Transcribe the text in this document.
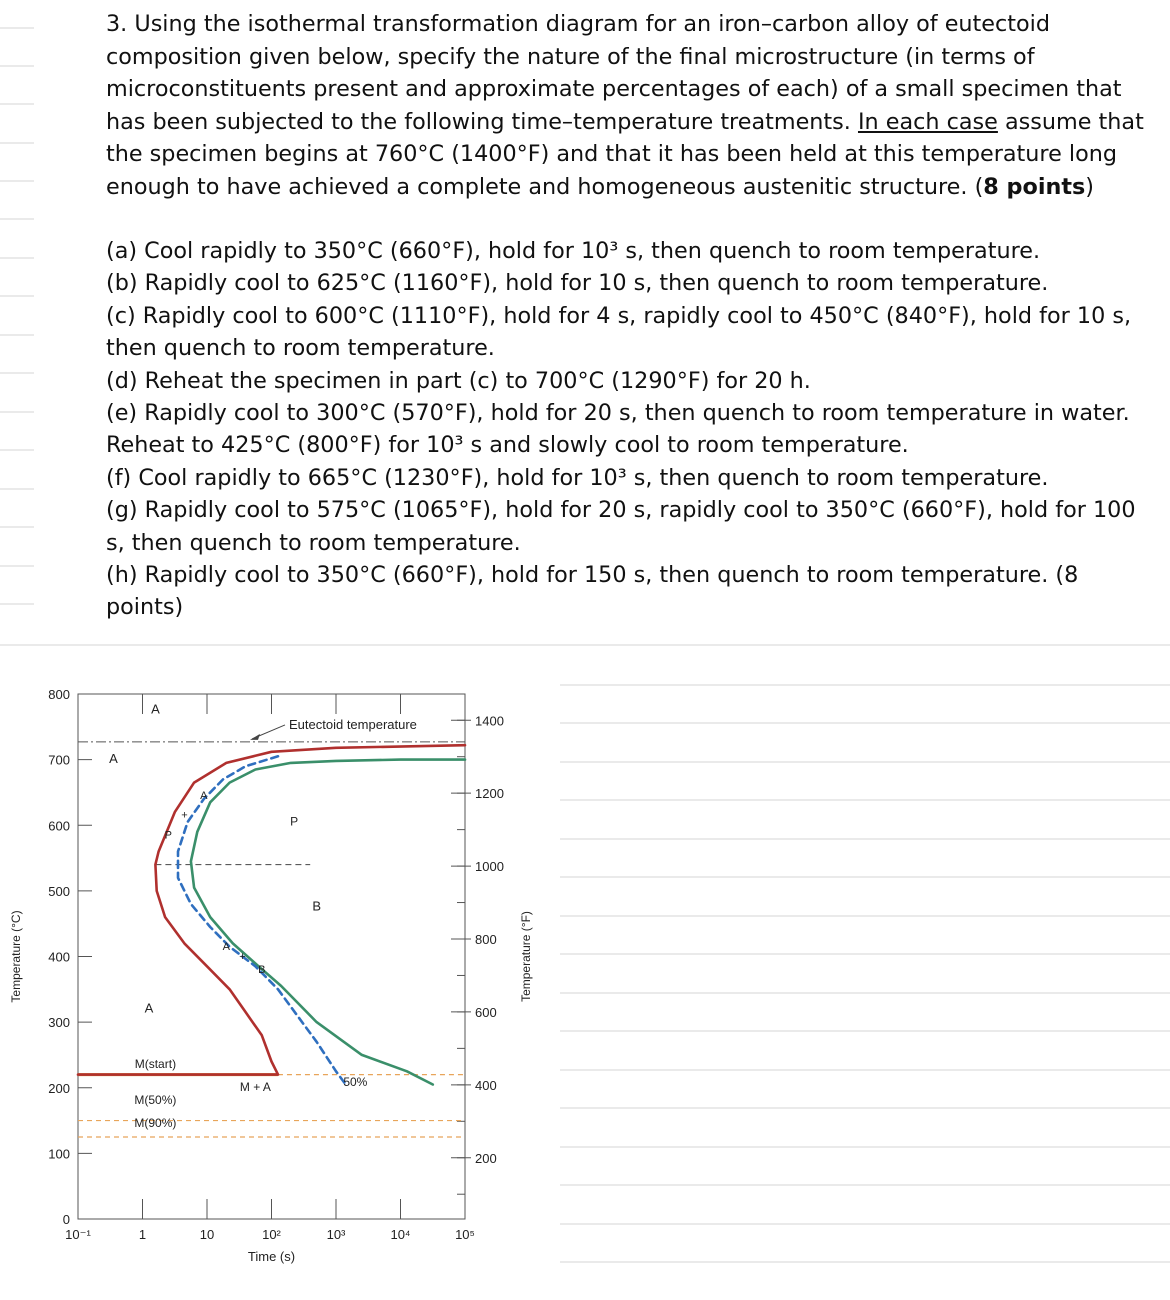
3. Using the isothermal transformation diagram for an iron–carbon alloy of eutectoid composition given below, specify the nature of the final microstructure (in terms of microconstituents present and approximate percentages of each) of a small specimen that has been subjected to the following time–temperature treatments. In each case assume that the specimen begins at 760°C (1400°F) and that it has been held at this temperature long enough to have achieved a complete and homogeneous austenitic structure. (8 points)

(a) Cool rapidly to 350°C (660°F), hold for 10³ s, then quench to room temperature.

(b) Rapidly cool to 625°C (1160°F), hold for 10 s, then quench to room temperature.

(c) Rapidly cool to 600°C (1110°F), hold for 4 s, rapidly cool to 450°C (840°F), hold for 10 s, then quench to room temperature.

(d) Reheat the specimen in part (c) to 700°C (1290°F) for 20 h.

(e) Rapidly cool to 300°C (570°F), hold for 20 s, then quench to room temperature in water. Reheat to 425°C (800°F) for 10³ s and slowly cool to room temperature.

(f) Cool rapidly to 665°C (1230°F), hold for 10³ s, then quench to room temperature.

(g) Rapidly cool to 575°C (1065°F), hold for 20 s, rapidly cool to 350°C (660°F), hold for 100 s, then quench to room temperature.

(h) Rapidly cool to 350°C (660°F), hold for 150 s, then quench to room temperature. (8 points)

0
100
200
300
400
500
600
700
800
200
400
600
800
1000
1200
1400
10⁻¹	1	10	10²	10³	10⁴	10⁵
Time (s)
Temperature (°C)	Temperature (°F)
Eutectoid temperature
A
A
P
B
A
M(start)
M(50%)
M(90%)
M + A	50%
P
A
A
B
+
+
